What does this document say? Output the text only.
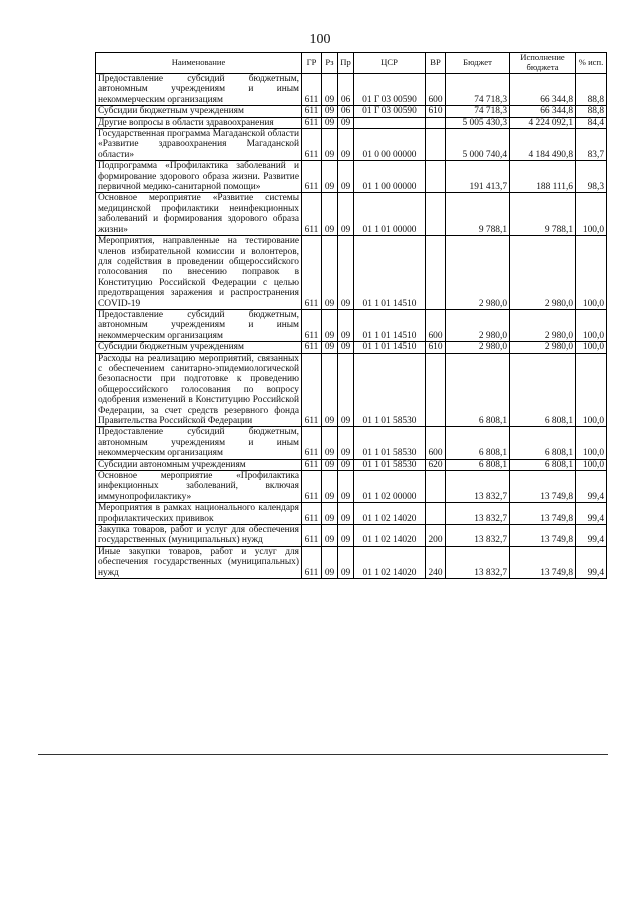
100
Наименование	ГР	Рз	Пр	ЦСР	ВР	Бюджет	Исполнение бюджета	% исп.
Предоставление субсидий бюджетным, автономным учреждениям и иным некоммерческим организациям	611	09	06	01 Г 03 00590	600	74 718,3	66 344,8	88,8
Субсидии бюджетным учреждениям	611	09	06	01 Г 03 00590	610	74 718,3	66 344,8	88,8
Другие вопросы в области здравоохранения	611	09	09			5 005 430,3	4 224 092,1	84,4
Государственная программа Магаданской области «Развитие здравоохранения Магаданской области»	611	09	09	01 0 00 00000		5 000 740,4	4 184 490,8	83,7
Подпрограмма «Профилактика заболеваний и формирование здорового образа жизни. Развитие первичной медико-санитарной помощи»	611	09	09	01 1 00 00000		191 413,7	188 111,6	98,3
Основное мероприятие «Развитие системы медицинской профилактики неинфекционных заболеваний и формирования здорового образа жизни»	611	09	09	01 1 01 00000		9 788,1	9 788,1	100,0
Мероприятия, направленные на тестирование членов избирательной комиссии и волонтеров, для содействия в проведении общероссийского голосования по внесению поправок в Конституцию Российской Федерации с целью предотвращения заражения и распространения COVID-19	611	09	09	01 1 01 14510		2 980,0	2 980,0	100,0
Предоставление субсидий бюджетным, автономным учреждениям и иным некоммерческим организациям	611	09	09	01 1 01 14510	600	2 980,0	2 980,0	100,0
Субсидии бюджетным учреждениям	611	09	09	01 1 01 14510	610	2 980,0	2 980,0	100,0
Расходы на реализацию мероприятий, связанных с обеспечением санитарно-эпидемиологической безопасности при подготовке к проведению общероссийского голосования по вопросу одобрения изменений в Конституцию Российской Федерации, за счет средств резервного фонда Правительства Российской Федерации	611	09	09	01 1 01 58530		6 808,1	6 808,1	100,0
Предоставление субсидий бюджетным, автономным учреждениям и иным некоммерческим организациям	611	09	09	01 1 01 58530	600	6 808,1	6 808,1	100,0
Субсидии автономным учреждениям	611	09	09	01 1 01 58530	620	6 808,1	6 808,1	100,0
Основное мероприятие «Профилактика инфекционных заболеваний, включая иммунопрофилактику»	611	09	09	01 1 02 00000		13 832,7	13 749,8	99,4
Мероприятия в рамках национального календаря профилактических прививок	611	09	09	01 1 02 14020		13 832,7	13 749,8	99,4
Закупка товаров, работ и услуг для обеспечения государственных (муниципальных) нужд	611	09	09	01 1 02 14020	200	13 832,7	13 749,8	99,4
Иные закупки товаров, работ и услуг для обеспечения государственных (муниципальных) нужд	611	09	09	01 1 02 14020	240	13 832,7	13 749,8	99,4
